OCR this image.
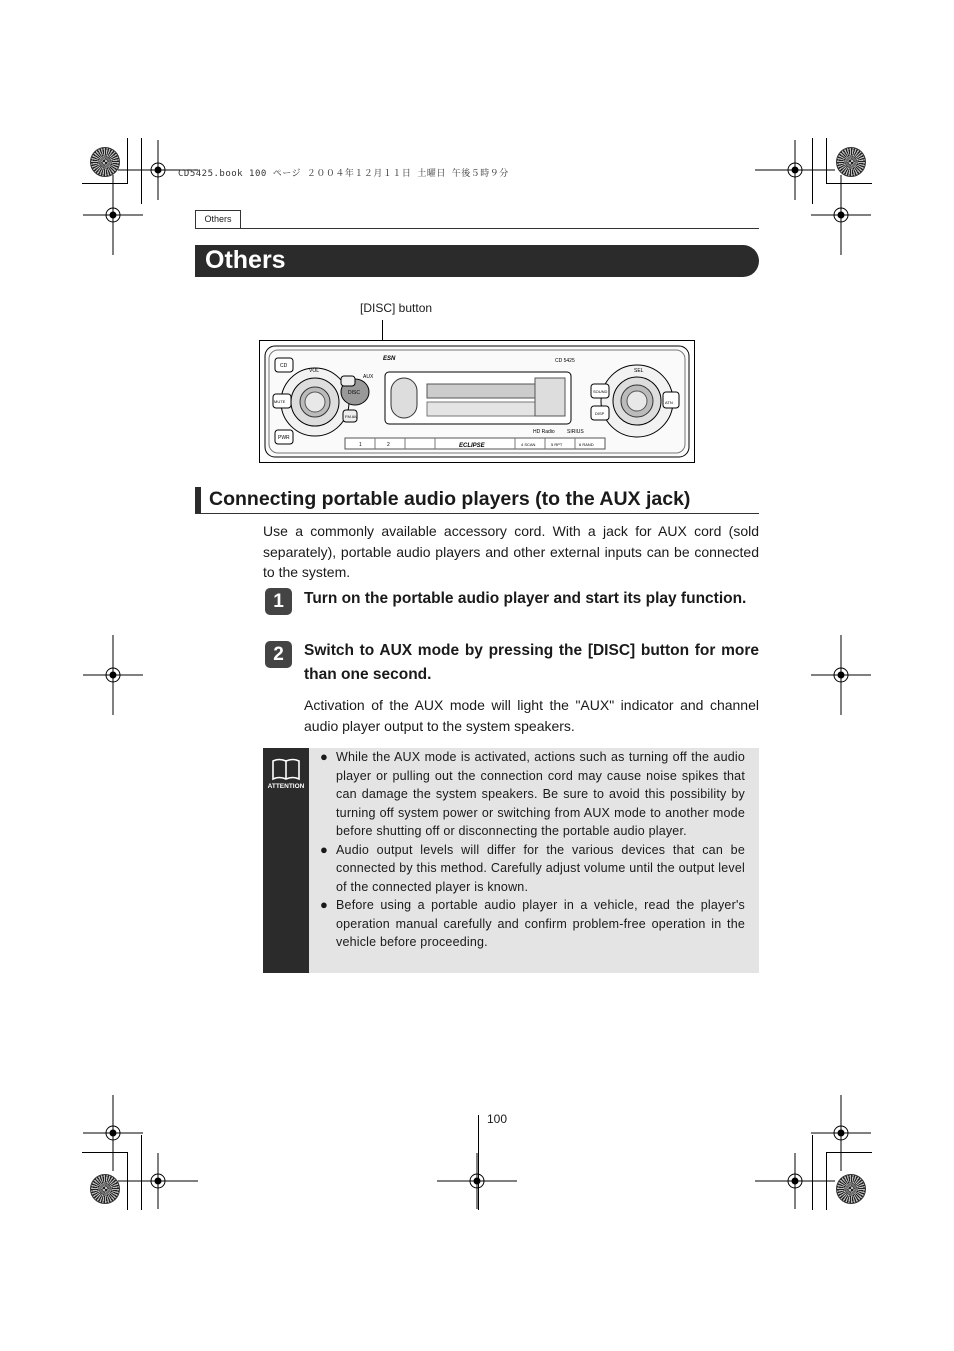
CD5425.book 100 ページ ２００４年１２月１１日 土曜日 午後５時９分
Others
Others
[DISC] button
CD
MUTE
PWR
VOL
AUX
DISC
FM AM
ESN	CD 5425
SOUND
DISP
SEL
ATN
ECLIPSE
HD Radio SIRIUS
1	2	4 SCAN	5 RPT	6 RAND
Connecting portable audio players (to the AUX jack)
Use a commonly available accessory cord. With a jack for AUX cord (sold separately), portable audio players and other external inputs can be connected to the system.
1	Turn on the portable audio player and start its play function.
2	Switch to AUX mode by pressing the [DISC] button for more than one second.
Activation of the AUX mode will light the "AUX" indicator and channel audio player output to the system speakers.
ATTENTION
● While the AUX mode is activated, actions such as turning off the audio player or pulling out the connection cord may cause noise spikes that can damage the system speakers. Be sure to avoid this possibility by turning off system power or switching from AUX mode to another mode before shutting off or disconnecting the portable audio player.
● Audio output levels will differ for the various devices that can be connected by this method. Carefully adjust volume until the output level of the connected player is known.
● Before using a portable audio player in a vehicle, read the player's operation manual carefully and confirm problem-free operation in the vehicle before proceeding.
100
